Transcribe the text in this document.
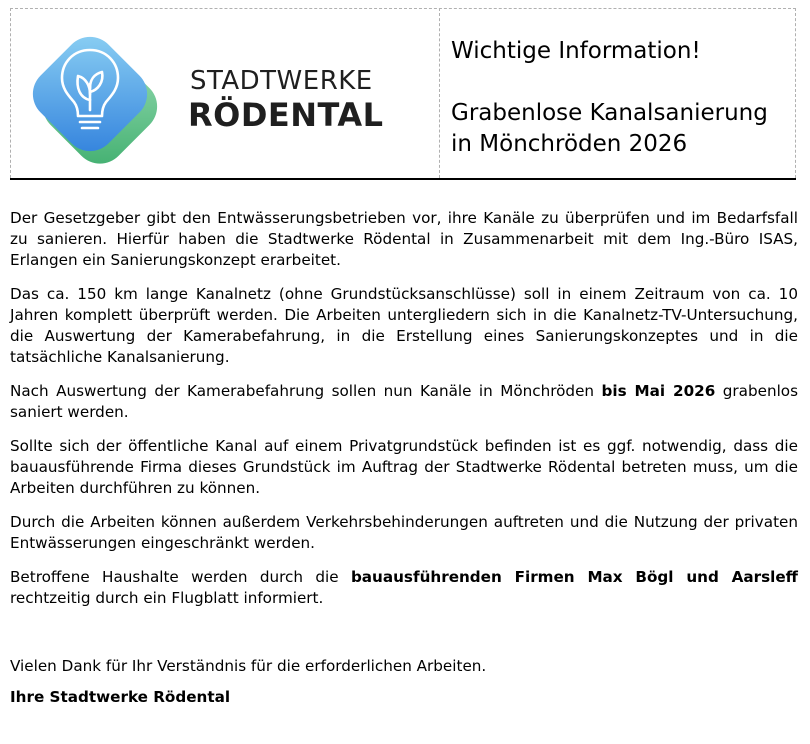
STADTWERKE
RÖDENTAL
Wichtige Information!
Grabenlose Kanalsanierung
in Mönchröden 2026

Der Gesetzgeber gibt den Entwässerungsbetrieben vor, ihre Kanäle zu überprüfen und im Bedarfsfall zu sanieren. Hierfür haben die Stadtwerke Rödental in Zusammenarbeit mit dem Ing.-Büro ISAS, Erlangen ein Sanierungskonzept erarbeitet.

Das ca. 150 km lange Kanalnetz (ohne Grundstücksanschlüsse) soll in einem Zeitraum von ca. 10 Jahren komplett überprüft werden. Die Arbeiten untergliedern sich in die Kanalnetz-TV-Untersuchung, die Auswertung der Kamerabefahrung, in die Erstellung eines Sanierungskonzeptes und in die tatsächliche Kanalsanierung.

Nach Auswertung der Kamerabefahrung sollen nun Kanäle in Mönchröden bis Mai 2026 grabenlos saniert werden.

Sollte sich der öffentliche Kanal auf einem Privatgrundstück befinden ist es ggf. notwendig, dass die bauausführende Firma dieses Grundstück im Auftrag der Stadtwerke Rödental betreten muss, um die Arbeiten durchführen zu können.

Durch die Arbeiten können außerdem Verkehrsbehinderungen auftreten und die Nutzung der privaten Entwässerungen eingeschränkt werden.

Betroffene Haushalte werden durch die bauausführenden Firmen Max Bögl und Aarsleff rechtzeitig durch ein Flugblatt informiert.

Vielen Dank für Ihr Verständnis für die erforderlichen Arbeiten.

Ihre Stadtwerke Rödental
